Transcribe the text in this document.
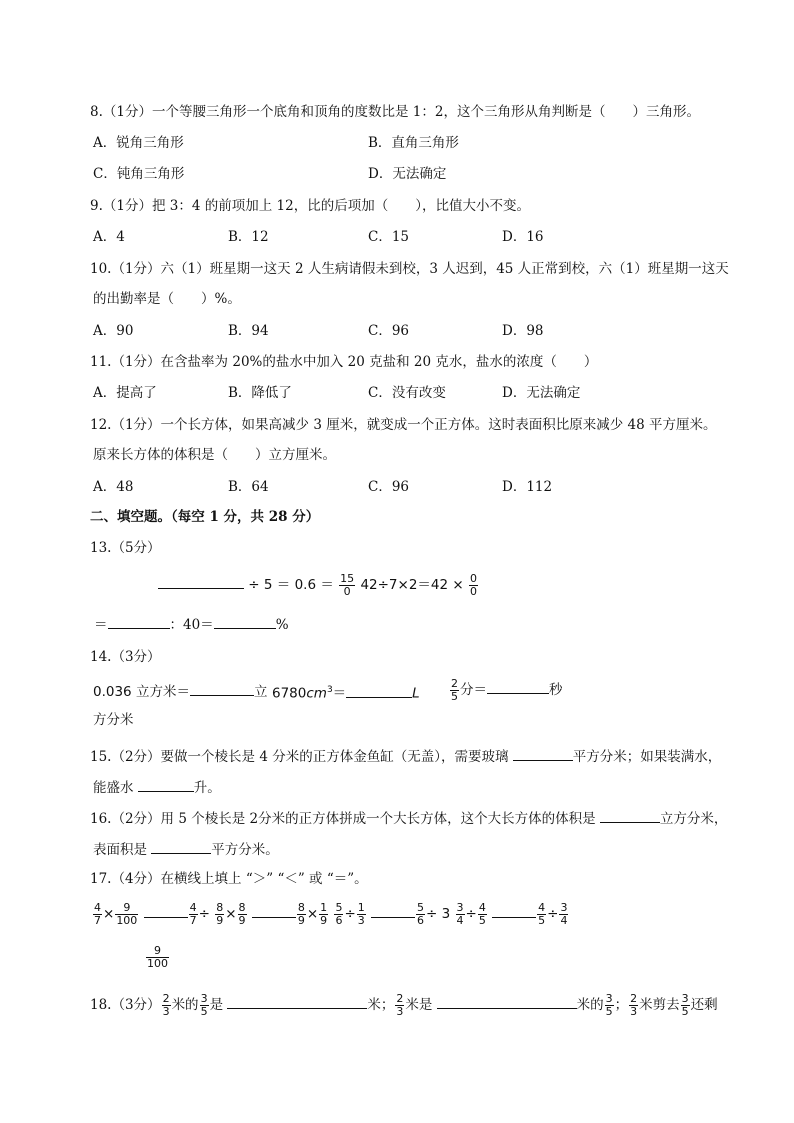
8.（1分）一个等腰三角形一个底角和顶角的度数比是 1：2，这个三角形从角判断是（　　）三角形。
A．锐角三角形	B．直角三角形
C．钝角三角形	D．无法确定
9.（1分）把 3：4 的前项加上 12，比的后项加（　　），比值大小不变。
A．4	B．12	C．15	D．16
10.（1分）六（1）班星期一这天 2 人生病请假未到校，3 人迟到，45 人正常到校，六（1）班星期一这天
的出勤率是（　　）%。
A．90	B．94	C．96	D．98
11.（1分）在含盐率为 20%的盐水中加入 20 克盐和 20 克水，盐水的浓度（　　）
A．提高了	B．降低了	C．没有改变	D．无法确定
12.（1分）一个长方体，如果高减少 3 厘米，就变成一个正方体。这时表面积比原来减少 48 平方厘米。
原来长方体的体积是（　　）立方厘米。
A．48	B．64	C．96	D．112
二、填空题。（每空 1 分，共 28 分）
13.（5分）
÷ $5 = 0.6 = \frac{15}{0} 42\div 7\times 2=42 \times \frac{0}{0}$
＝	：40＝	%
14.（3分）
0.036 立方米＝	立
方分米
$6780cm^3=$	L	$\frac{2}{5}$ 分＝	秒
15.（2分）要做一个棱长是 4 分米的正方体金鱼缸（无盖），需要玻璃	平方分米；如果装满水，
能盛水	升。
16.（2分）用 5 个棱长是 2分米的正方体拼成一个大长方体，这个大长方体的体积是	立方分米，
表面积是	平方分米。
17.（4分）在横线上填上 “＞” “＜” 或 “＝”。
$\frac{4}{7} \times \frac{9}{100}$
	$\frac{4}{7} \div \frac{8}{9} \times \frac{8}{9}$
	$\frac{8}{9} \times \frac{1}{9}$
$\frac{5}{6} \div \frac{1}{3}$
	$\frac{5}{6} \div 3 \frac{3}{4} \div \frac{4}{5}$
	$\frac{4}{5} \div \frac{3}{4}$
$\frac{9}{100}$
18.（3分） $\frac{2}{3}$ 米的 $\frac{3}{5}$ 是	米； $\frac{2}{3}$ 米是	米的 $\frac{3}{5}$ ； $\frac{2}{3}$ 米剪去 $\frac{3}{5}$ 还剩
